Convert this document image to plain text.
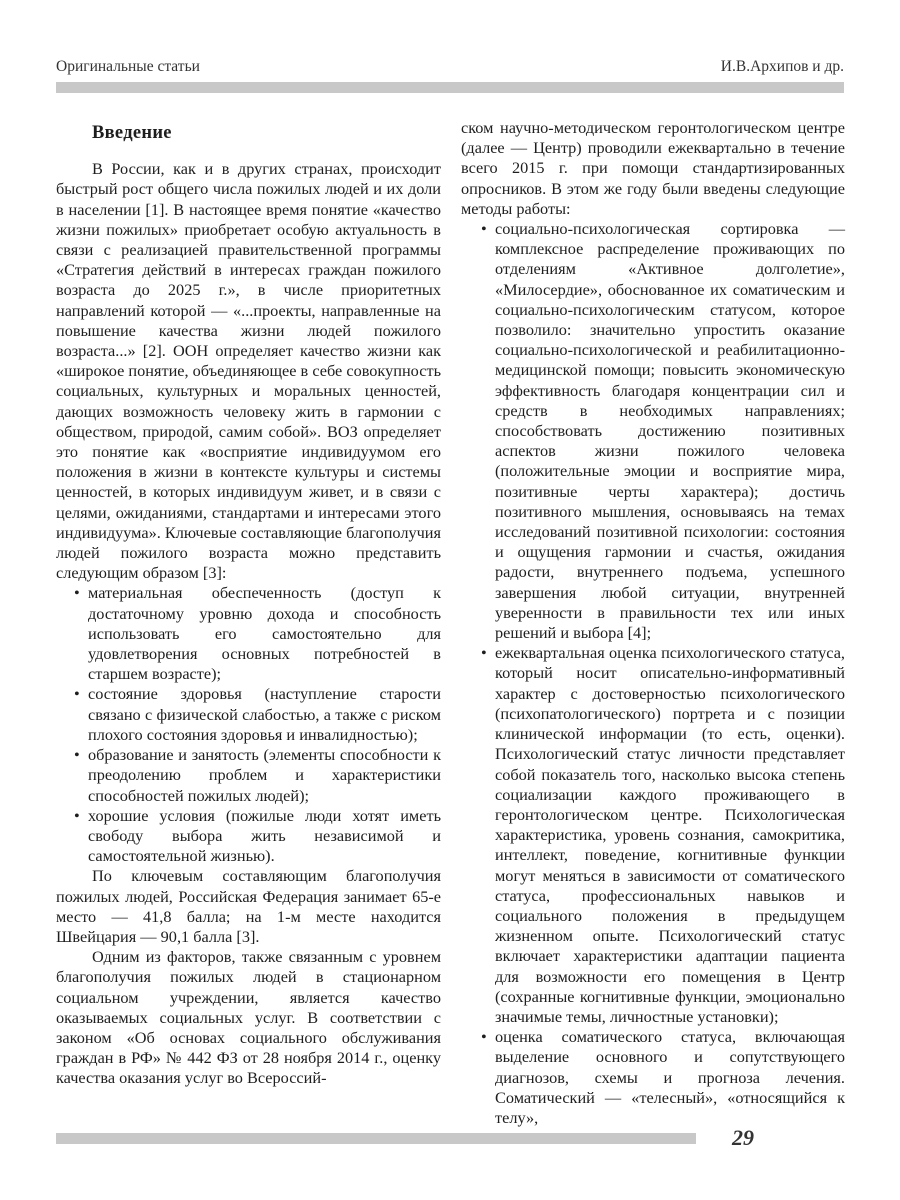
Оригинальные статьи	И.В.Архипов и др.
Введение

В России, как и в других странах, происходит быстрый рост общего числа пожилых людей и их доли в населении [1]. В настоящее время понятие «качество жизни пожилых» приобретает особую актуальность в связи с реализацией правительственной программы «Стратегия действий в интересах граждан пожилого возраста до 2025 г.», в числе приоритетных направлений которой — «...проекты, направленные на повышение качества жизни людей пожилого возраста...» [2]. ООН определяет качество жизни как «широкое понятие, объединяющее в себе совокупность социальных, культурных и моральных ценностей, дающих возможность человеку жить в гармонии с обществом, природой, самим собой». ВОЗ определяет это понятие как «восприятие индивидуумом его положения в жизни в контексте культуры и системы ценностей, в которых индивидуум живет, и в связи с целями, ожиданиями, стандартами и интересами этого индивидуума». Ключевые составляющие благополучия людей пожилого возраста можно представить следующим образом [3]:

• материальная обеспеченность (доступ к достаточному уровню дохода и способность использовать его самостоятельно для удовлетворения основных потребностей в старшем возрасте);
• состояние здоровья (наступление старости связано с физической слабостью, а также с риском плохого состояния здоровья и инвалидностью);
• образование и занятость (элементы способности к преодолению проблем и характеристики способностей пожилых людей);
• хорошие условия (пожилые люди хотят иметь свободу выбора жить независимой и самостоятельной жизнью).

По ключевым составляющим благополучия пожилых людей, Российская Федерация занимает 65-е место — 41,8 балла; на 1-м месте находится Швейцария — 90,1 балла [3].

Одним из факторов, также связанным с уровнем благополучия пожилых людей в стационарном социальном учреждении, является качество оказываемых социальных услуг. В соответствии с законом «Об основах социального обслуживания граждан в РФ» № 442 ФЗ от 28 ноября 2014 г., оценку качества оказания услуг во Всероссий-

ском научно-методическом геронтологическом центре (далее — Центр) проводили ежеквартально в течение всего 2015 г. при помощи стандартизированных опросников. В этом же году были введены следующие методы работы:

• социально-психологическая сортировка — комплексное распределение проживающих по отделениям «Активное долголетие», «Милосердие», обоснованное их соматическим и социально-психологическим статусом, которое позволило: значительно упростить оказание социально-психологической и реабилитационно-медицинской помощи; повысить экономическую эффективность благодаря концентрации сил и средств в необходимых направлениях; способствовать достижению позитивных аспектов жизни пожилого человека (положительные эмоции и восприятие мира, позитивные черты характера); достичь позитивного мышления, основываясь на темах исследований позитивной психологии: состояния и ощущения гармонии и счастья, ожидания радости, внутреннего подъема, успешного завершения любой ситуации, внутренней уверенности в правильности тех или иных решений и выбора [4];
• ежеквартальная оценка психологического статуса, который носит описательно-информативный характер с достоверностью психологического (психопатологического) портрета и с позиции клинической информации (то есть, оценки). Психологический статус личности представляет собой показатель того, насколько высока степень социализации каждого проживающего в геронтологическом центре. Психологическая характеристика, уровень сознания, самокритика, интеллект, поведение, когнитивные функции могут меняться в зависимости от соматического статуса, профессиональных навыков и социального положения в предыдущем жизненном опыте. Психологический статус включает характеристики адаптации пациента для возможности его помещения в Центр (сохранные когнитивные функции, эмоционально значимые темы, личностные установки);
• оценка соматического статуса, включающая выделение основного и сопутствующего диагнозов, схемы и прогноза лечения. Соматический — «телесный», «относящийся к телу»,
29
